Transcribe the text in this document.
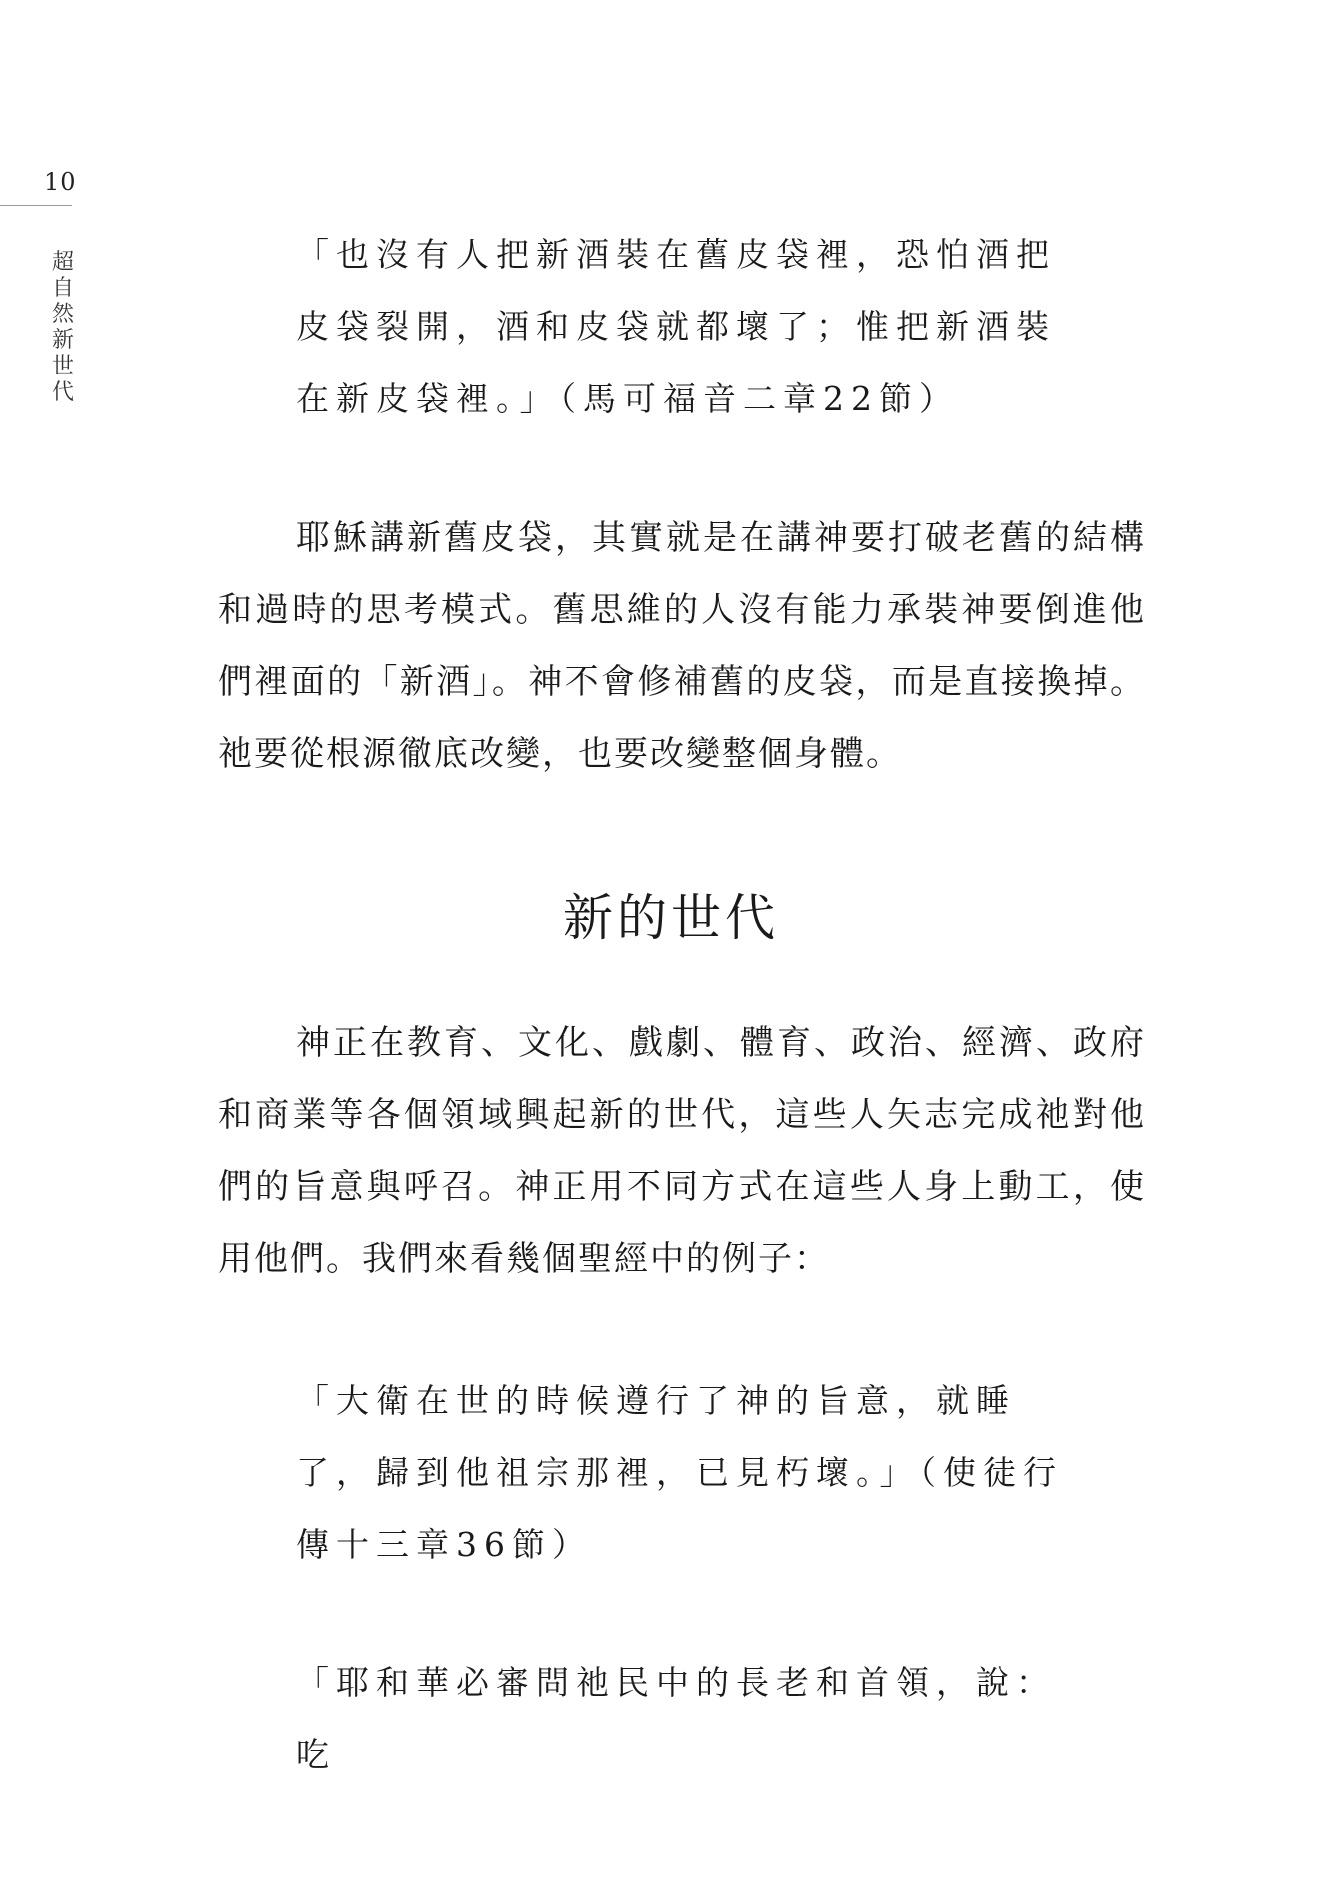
10
超自然新世代

「也沒有人把新酒裝在舊皮袋裡，恐怕酒把皮袋裂開，酒和皮袋就都壞了；惟把新酒裝在新皮袋裡。」（馬可福音二章22節）

耶穌講新舊皮袋，其實就是在講神要打破老舊的結構和過時的思考模式。舊思維的人沒有能力承裝神要倒進他們裡面的「新酒」。神不會修補舊的皮袋，而是直接換掉。祂要從根源徹底改變，也要改變整個身體。

新的世代

神正在教育、文化、戲劇、體育、政治、經濟、政府和商業等各個領域興起新的世代，這些人矢志完成祂對他們的旨意與呼召。神正用不同方式在這些人身上動工，使用他們。我們來看幾個聖經中的例子：

「大衛在世的時候遵行了神的旨意，就睡了，歸到他祖宗那裡，已見朽壞。」（使徒行傳十三章36節）

「耶和華必審問祂民中的長老和首領，說：吃
